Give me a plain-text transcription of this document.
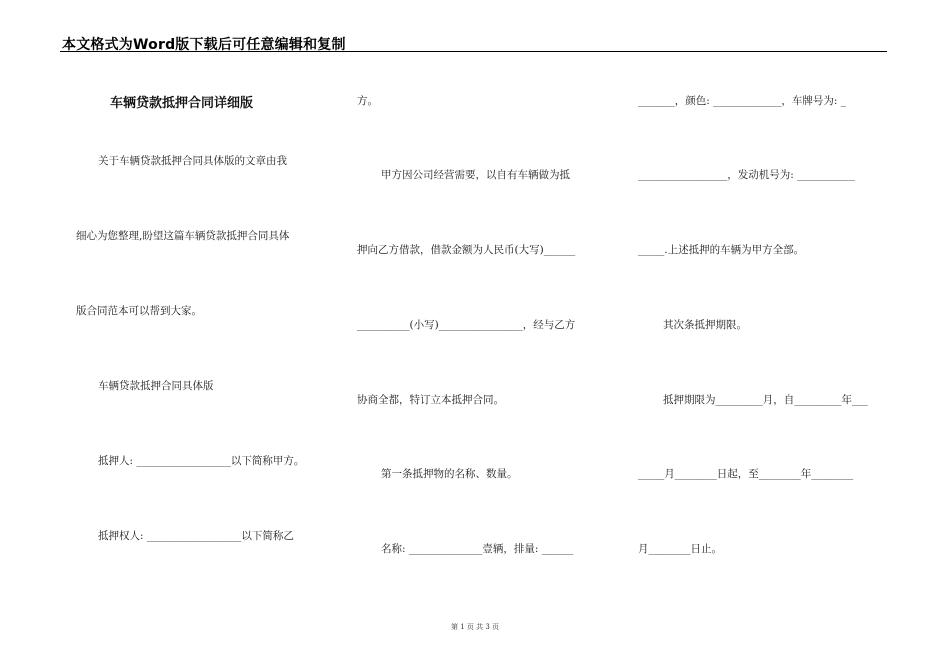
本文格式为Word版下载后可任意编辑和复制
车辆贷款抵押合同详细版
关于车辆贷款抵押合同具体版的文章由我
细心为您整理,盼望这篇车辆贷款抵押合同具体
版合同范本可以帮到大家。
车辆贷款抵押合同具体版
抵押人: __________________以下简称甲方。
抵押权人: __________________以下简称乙
方。
甲方因公司经营需要，以自有车辆做为抵
押向乙方借款，借款金额为人民币(大写)______
__________(小写)________________，经与乙方
协商全都，特订立本抵押合同。
第一条抵押物的名称、数量。
名称: ______________壹辆，排量: ______
_______，颜色: _____________，车牌号为: _
_________________，发动机号为: ___________
_____.上述抵押的车辆为甲方全部。
其次条抵押期限。
抵押期限为_________月，自_________年___
_____月________日起，至________年________
月________日止。
第 1 页 共 3 页
